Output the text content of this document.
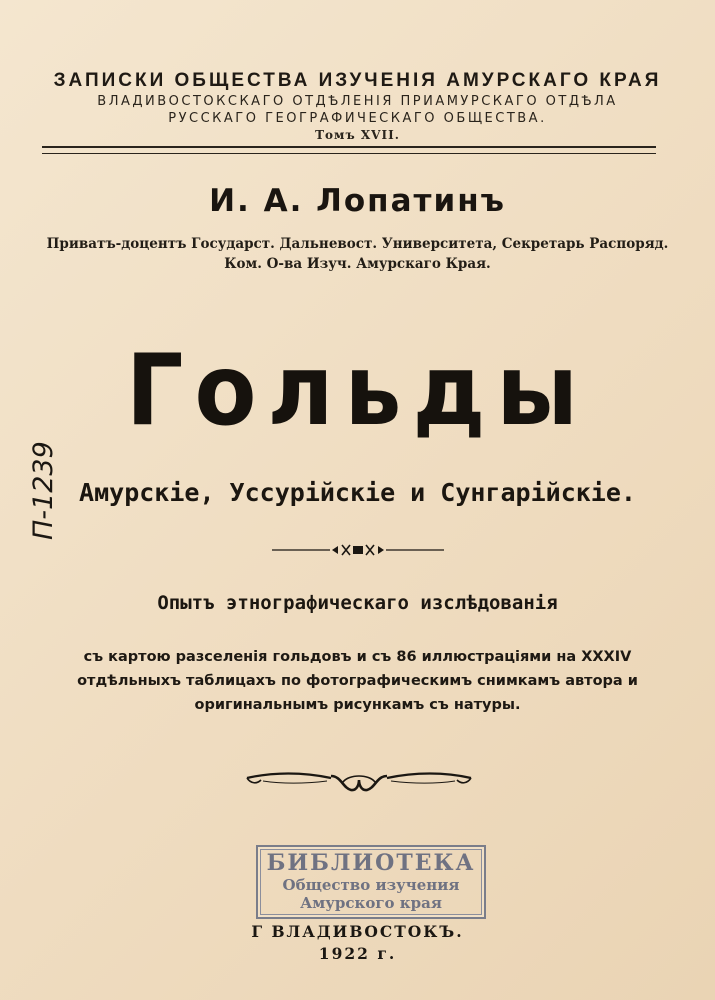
ЗАПИСКИ ОБЩЕСТВА ИЗУЧЕНІЯ АМУРСКАГО КРАЯ
ВЛАДИВОСТОКСКАГО ОТДѢЛЕНІЯ ПРИАМУРСКАГО ОТДѢЛА
РУССКАГО ГЕОГРАФИЧЕСКАГО ОБЩЕСТВА.
Томъ XVII.
И. А. Лопатинъ
Приватъ-доцентъ Государст. Дальневост. Университета, Секретарь Распоряд.
Ком. О-ва Изуч. Амурскаго Края.
Гольды
Амурскіе, Уссурійскіе и Сунгарійскіе.
Опытъ этнографическаго изслѣдованія
съ картою разселенія гольдовъ и съ 86 иллюстраціями на XXXIV
отдѣльныхъ таблицахъ по фотографическимъ снимкамъ автора и
оригинальнымъ рисункамъ съ натуры.
БИБЛИОТЕКА
Общество изучения
Амурского края
Г ВЛАДИВОСТОКЪ.
1922 г.
П-1239
